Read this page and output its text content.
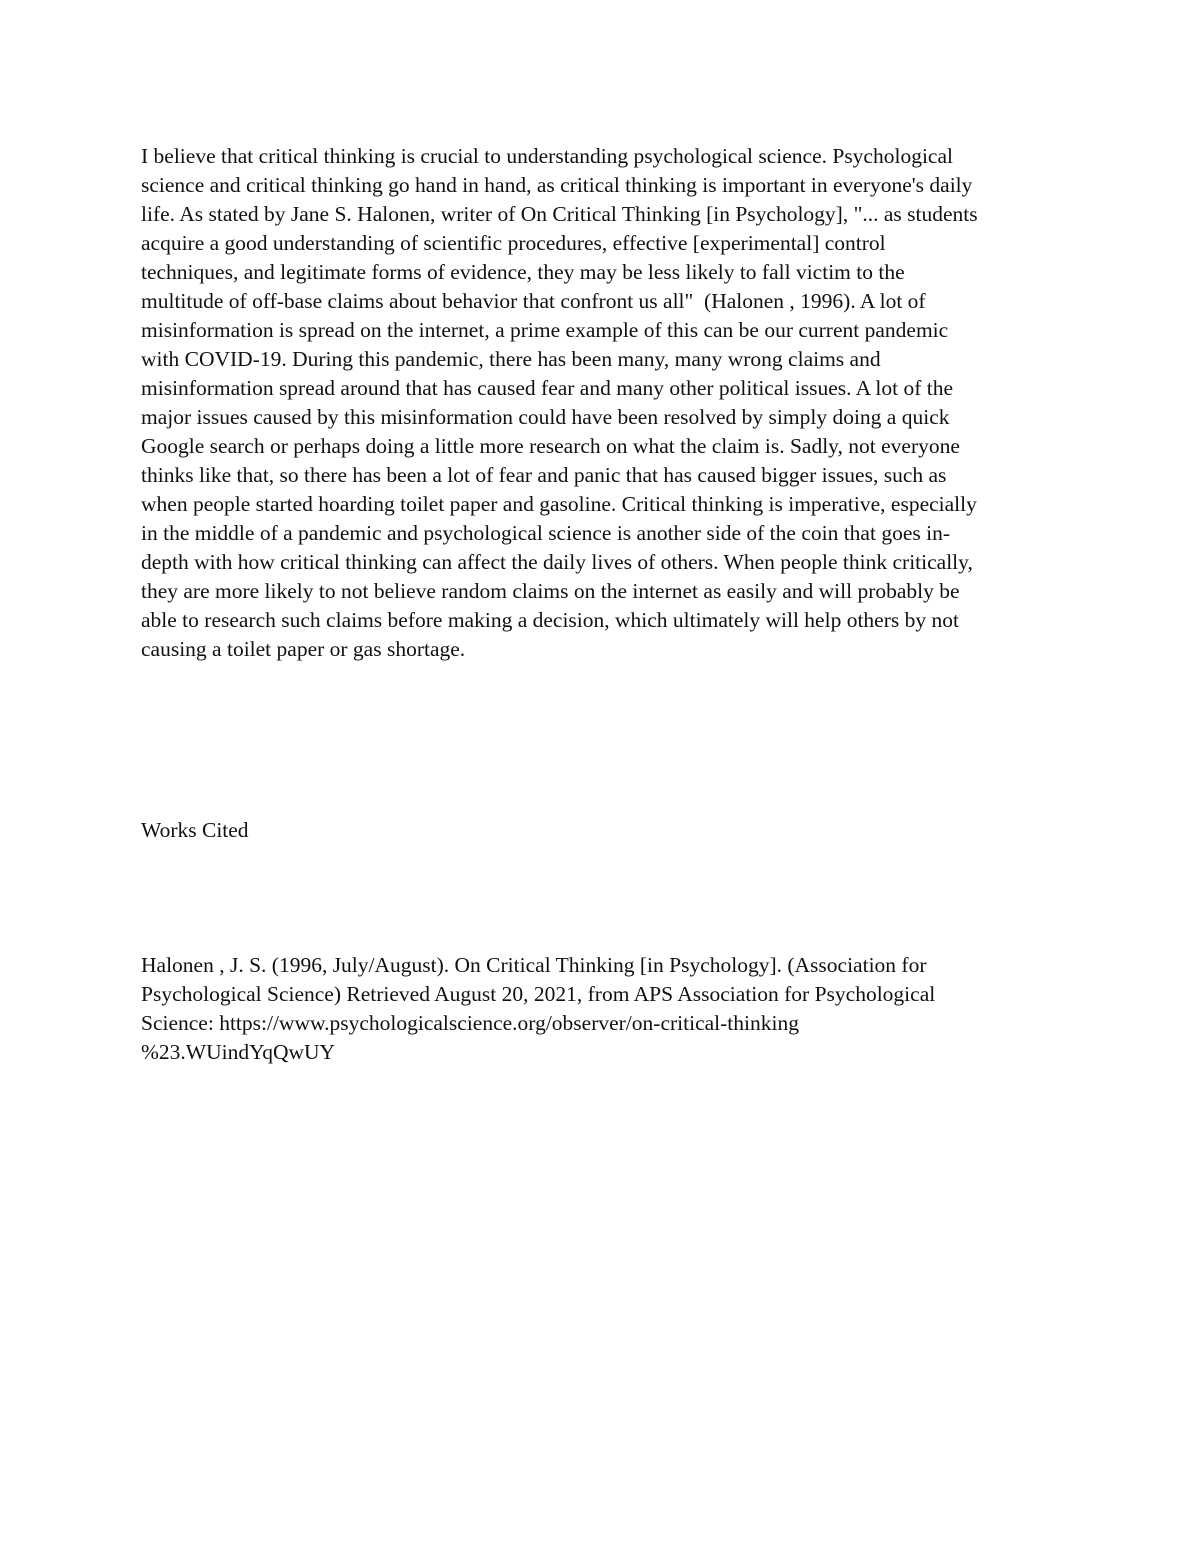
I believe that critical thinking is crucial to understanding psychological science. Psychological

science and critical thinking go hand in hand, as critical thinking is important in everyone's daily

life. As stated by Jane S. Halonen, writer of On Critical Thinking [in Psychology], "... as students

acquire a good understanding of scientific procedures, effective [experimental] control

techniques, and legitimate forms of evidence, they may be less likely to fall victim to the

multitude of off-base claims about behavior that confront us all"  (Halonen , 1996). A lot of

misinformation is spread on the internet, a prime example of this can be our current pandemic

with COVID-19. During this pandemic, there has been many, many wrong claims and

misinformation spread around that has caused fear and many other political issues. A lot of the

major issues caused by this misinformation could have been resolved by simply doing a quick

Google search or perhaps doing a little more research on what the claim is. Sadly, not everyone

thinks like that, so there has been a lot of fear and panic that has caused bigger issues, such as

when people started hoarding toilet paper and gasoline. Critical thinking is imperative, especially

in the middle of a pandemic and psychological science is another side of the coin that goes in-

depth with how critical thinking can affect the daily lives of others. When people think critically,

they are more likely to not believe random claims on the internet as easily and will probably be

able to research such claims before making a decision, which ultimately will help others by not

causing a toilet paper or gas shortage.

Works Cited

Halonen , J. S. (1996, July/August). On Critical Thinking [in Psychology]. (Association for

Psychological Science) Retrieved August 20, 2021, from APS Association for Psychological

Science: https://www.psychologicalscience.org/observer/on-critical-thinking

%23.WUindYqQwUY
